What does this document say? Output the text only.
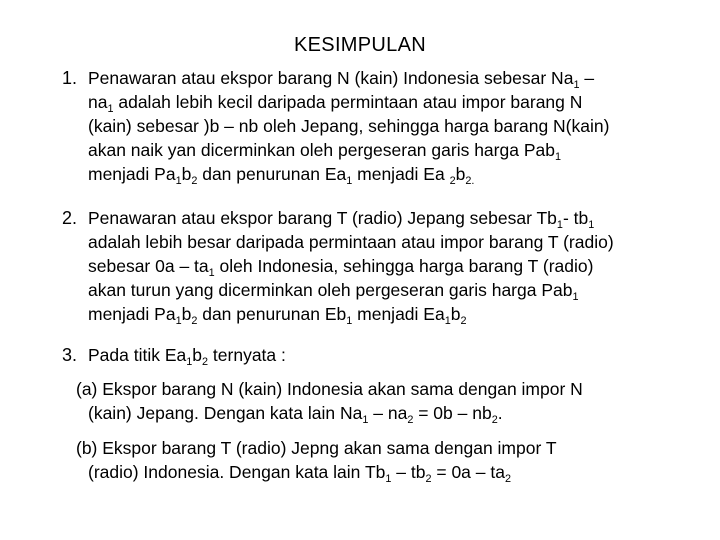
KESIMPULAN
1. Penawaran atau ekspor barang N (kain) Indonesia sebesar $Na_1$ –
$na_1$ adalah lebih kecil daripada permintaan atau impor barang N
(kain) sebesar )b – nb oleh Jepang, sehingga harga barang N(kain)
akan naik yan dicerminkan oleh pergeseran garis harga Pab$_1$
menjadi $Pa_1b_2$ dan penurunan $Ea_1$ menjadi Ea $_2b_{2.}$
2. Penawaran atau ekspor barang T (radio) Jepang sebesar $Tb_1-$ $tb_1$
adalah lebih besar daripada permintaan atau impor barang T (radio)
sebesar $0a - ta_1$ oleh Indonesia, sehingga harga barang T (radio)
akan turun yang dicerminkan oleh pergeseran garis harga Pab$_1$
menjadi $Pa_1b_2$ dan penurunan $Eb_1$ menjadi $Ea_1b_2$
3. Pada titik $Ea_1b_2$ ternyata :
(a) Ekspor barang N (kain) Indonesia akan sama dengan impor N
(kain) Jepang. Dengan kata lain $Na_1 - na_2 = 0b - nb_2$.
(b) Ekspor barang T (radio) Jepng akan sama dengan impor T
(radio) Indonesia. Dengan kata lain $Tb_1 - tb_2 = 0a - ta_2$
